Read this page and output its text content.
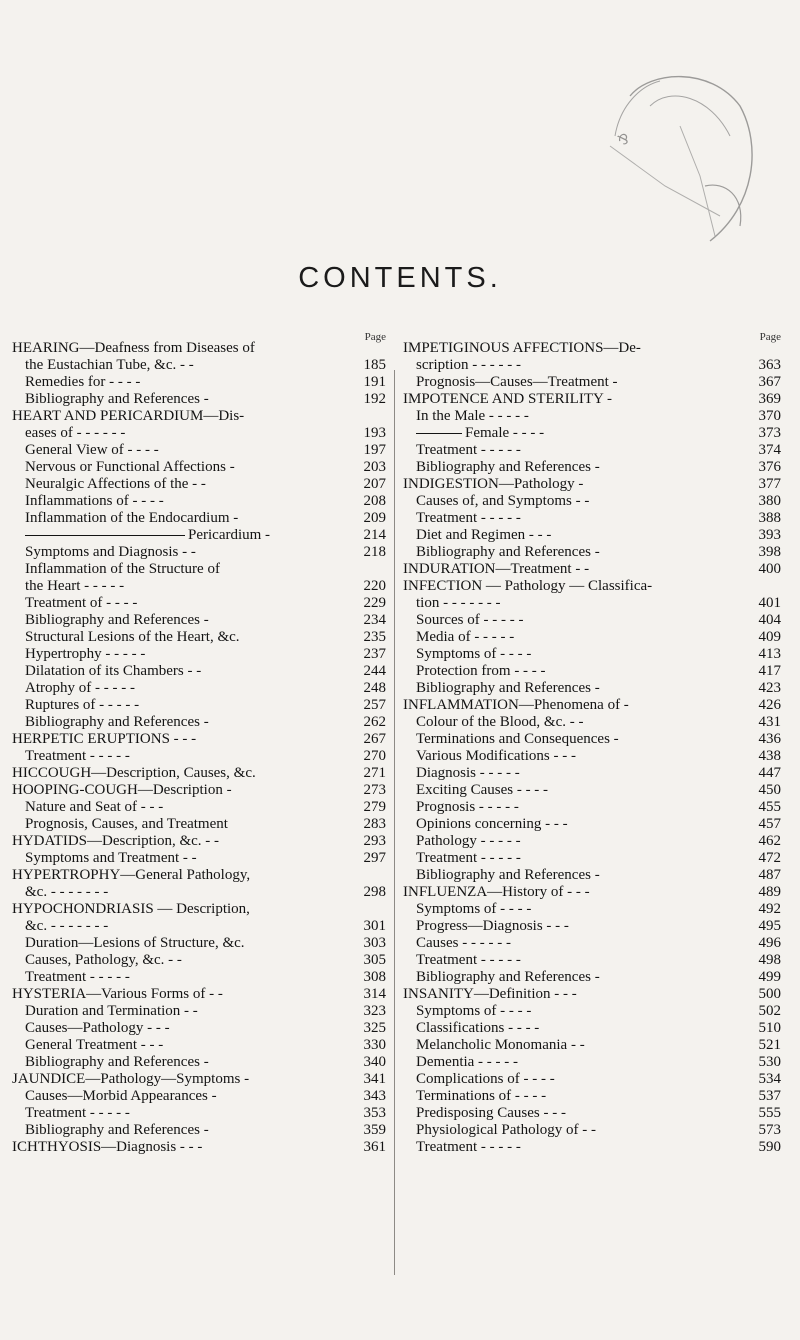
⅋
CONTENTS.
Page
HEARING—Deafness from Diseases of
the Eustachian Tube, &c. - -	185
Remedies for - - - -	191
Bibliography and References -	192
HEART AND PERICARDIUM—Dis-
eases of - - - - - -	193
General View of - - - -	197
Nervous or Functional Affections -	203
Neuralgic Affections of the - -	207
Inflammations of - - - -	208
Inflammation of the Endocardium -	209
Pericardium -	214
Symptoms and Diagnosis - -	218
Inflammation of the Structure of
the Heart - - - - -	220
Treatment of - - - -	229
Bibliography and References -	234
Structural Lesions of the Heart, &c.	235
Hypertrophy - - - - -	237
Dilatation of its Chambers - -	244
Atrophy of - - - - -	248
Ruptures of - - - - -	257
Bibliography and References -	262
HERPETIC ERUPTIONS - - -	267
Treatment - - - - -	270
HICCOUGH—Description, Causes, &c.	271
HOOPING-COUGH—Description -	273
Nature and Seat of - - -	279
Prognosis, Causes, and Treatment	283
HYDATIDS—Description, &c. - -	293
Symptoms and Treatment - -	297
HYPERTROPHY—General Pathology,
&c. - - - - - - -	298
HYPOCHONDRIASIS — Description,
&c. - - - - - - -	301
Duration—Lesions of Structure, &c.	303
Causes, Pathology, &c. - -	305
Treatment - - - - -	308
HYSTERIA—Various Forms of - -	314
Duration and Termination - -	323
Causes—Pathology - - -	325
General Treatment - - -	330
Bibliography and References -	340
JAUNDICE—Pathology—Symptoms -	341
Causes—Morbid Appearances -	343
Treatment - - - - -	353
Bibliography and References -	359
ICHTHYOSIS—Diagnosis - - -	361
Page
IMPETIGINOUS AFFECTIONS—De-
scription - - - - - -	363
Prognosis—Causes—Treatment -	367
IMPOTENCE AND STERILITY -	369
In the Male - - - - -	370
Female - - - -	373
Treatment - - - - -	374
Bibliography and References -	376
INDIGESTION—Pathology -	377
Causes of, and Symptoms - -	380
Treatment - - - - -	388
Diet and Regimen - - -	393
Bibliography and References -	398
INDURATION—Treatment - -	400
INFECTION — Pathology — Classifica-
tion - - - - - - -	401
Sources of - - - - -	404
Media of - - - - -	409
Symptoms of - - - -	413
Protection from - - - -	417
Bibliography and References -	423
INFLAMMATION—Phenomena of -	426
Colour of the Blood, &c. - -	431
Terminations and Consequences -	436
Various Modifications - - -	438
Diagnosis - - - - -	447
Exciting Causes - - - -	450
Prognosis - - - - -	455
Opinions concerning - - -	457
Pathology - - - - -	462
Treatment - - - - -	472
Bibliography and References -	487
INFLUENZA—History of - - -	489
Symptoms of - - - -	492
Progress—Diagnosis - - -	495
Causes - - - - - -	496
Treatment - - - - -	498
Bibliography and References -	499
INSANITY—Definition - - -	500
Symptoms of - - - -	502
Classifications - - - -	510
Melancholic Monomania - -	521
Dementia - - - - -	530
Complications of - - - -	534
Terminations of - - - -	537
Predisposing Causes - - -	555
Physiological Pathology of - -	573
Treatment - - - - -	590
